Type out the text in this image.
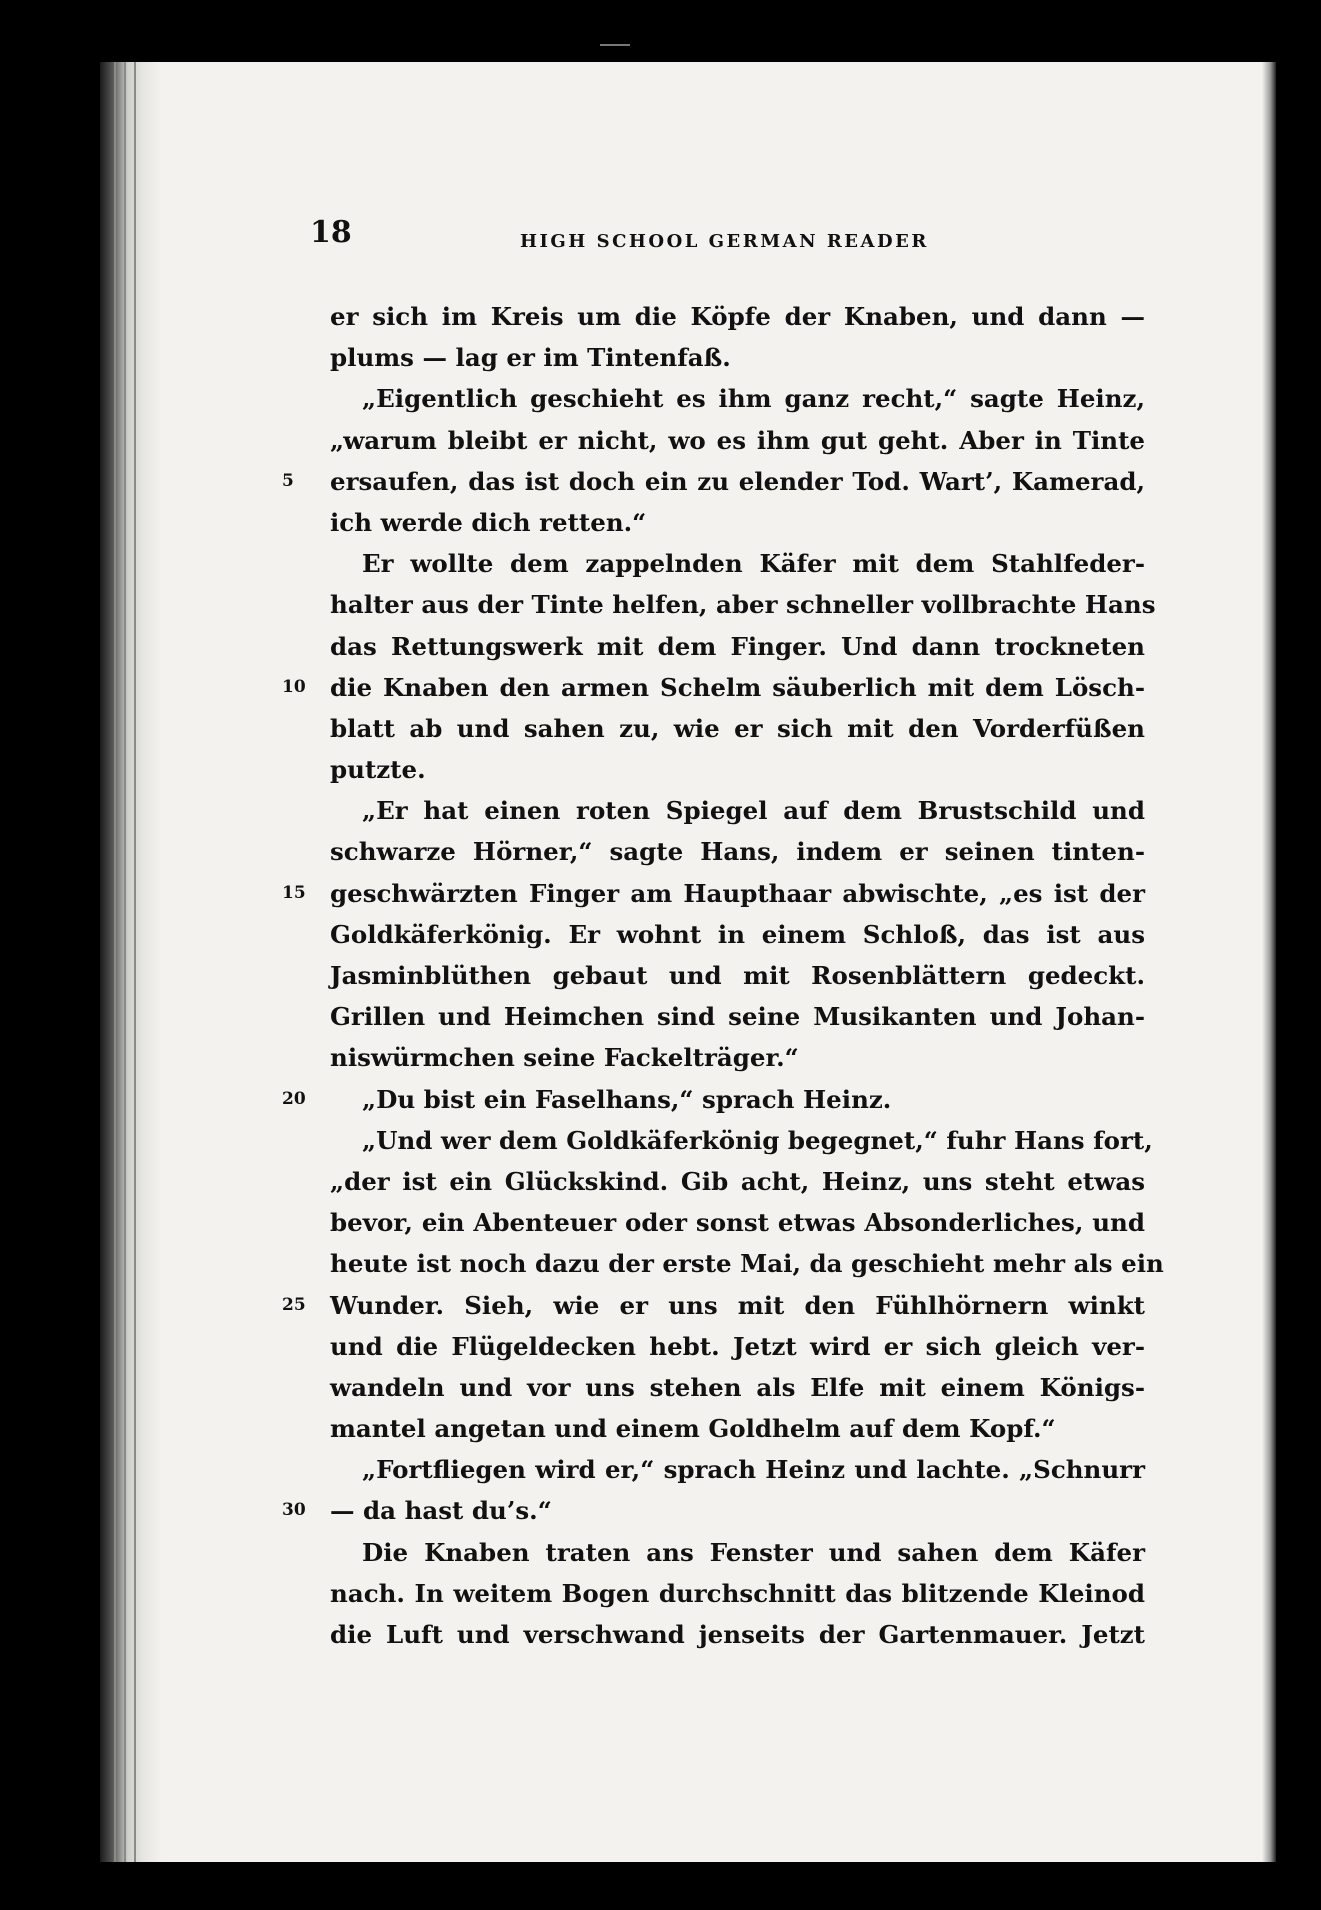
18	HIGH SCHOOL GERMAN READER
er sich im Kreis um die Köpfe der Knaben, und dann —
plums — lag er im Tintenfaß.
„Eigentlich geschieht es ihm ganz recht,“ sagte Heinz,
„warum bleibt er nicht, wo es ihm gut geht. Aber in Tinte
5	ersaufen, das ist doch ein zu elender Tod. Wart’, Kamerad,
ich werde dich retten.“
Er wollte dem zappelnden Käfer mit dem Stahlfeder-
halter aus der Tinte helfen, aber schneller vollbrachte Hans
das Rettungswerk mit dem Finger. Und dann trockneten
10 die Knaben den armen Schelm säuberlich mit dem Lösch-
blatt ab und sahen zu, wie er sich mit den Vorderfüßen
putzte.
„Er hat einen roten Spiegel auf dem Brustschild und
schwarze Hörner,“ sagte Hans, indem er seinen tinten-
15 geschwärzten Finger am Haupthaar abwischte, „es ist der
Goldkäferkönig. Er wohnt in einem Schloß, das ist aus
Jasminblüthen gebaut und mit Rosenblättern gedeckt.
Grillen und Heimchen sind seine Musikanten und Johan-
niswürmchen seine Fackelträger.“
20	„Du bist ein Faselhans,“ sprach Heinz.
„Und wer dem Goldkäferkönig begegnet,“ fuhr Hans fort,
„der ist ein Glückskind. Gib acht, Heinz, uns steht etwas
bevor, ein Abenteuer oder sonst etwas Absonderliches, und
heute ist noch dazu der erste Mai, da geschieht mehr als ein
25 Wunder. Sieh, wie er uns mit den Fühlhörnern winkt
und die Flügeldecken hebt. Jetzt wird er sich gleich ver-
wandeln und vor uns stehen als Elfe mit einem Königs-
mantel angetan und einem Goldhelm auf dem Kopf.“
„Fortfliegen wird er,“ sprach Heinz und lachte. „Schnurr
30 — da hast du’s.“
Die Knaben traten ans Fenster und sahen dem Käfer
nach. In weitem Bogen durchschnitt das blitzende Kleinod
die Luft und verschwand jenseits der Gartenmauer. Jetzt
